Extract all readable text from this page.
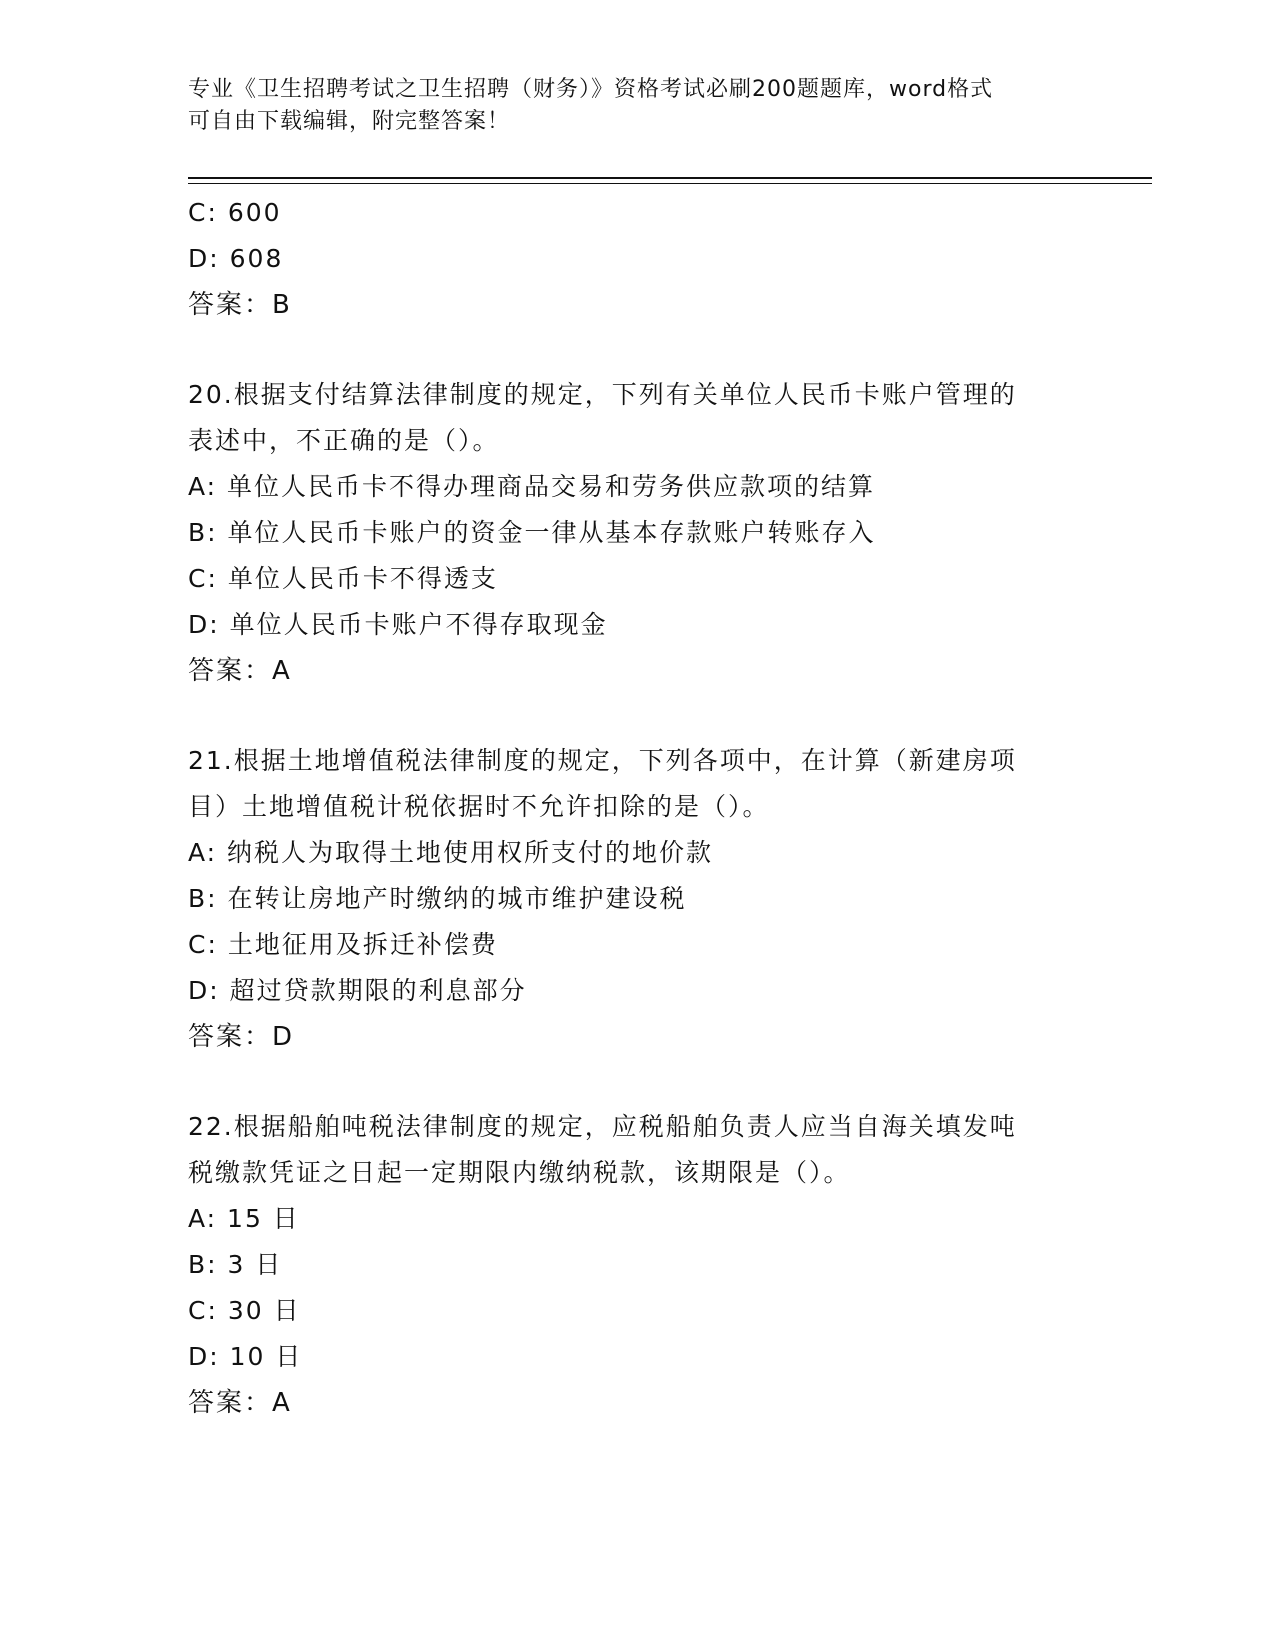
专业《卫生招聘考试之卫生招聘（财务）》资格考试必刷200题题库，word格式
可自由下载编辑，附完整答案！
C: 600
D: 608
答案：B
20.根据支付结算法律制度的规定，下列有关单位人民币卡账户管理的
表述中，不正确的是（）。
A: 单位人民币卡不得办理商品交易和劳务供应款项的结算
B: 单位人民币卡账户的资金一律从基本存款账户转账存入
C: 单位人民币卡不得透支
D: 单位人民币卡账户不得存取现金
答案：A
21.根据土地增值税法律制度的规定，下列各项中，在计算（新建房项
目）土地增值税计税依据时不允许扣除的是（）。
A: 纳税人为取得土地使用权所支付的地价款
B: 在转让房地产时缴纳的城市维护建设税
C: 土地征用及拆迁补偿费
D: 超过贷款期限的利息部分
答案：D
22.根据船舶吨税法律制度的规定，应税船舶负责人应当自海关填发吨
税缴款凭证之日起一定期限内缴纳税款，该期限是（）。
A: 15 日
B: 3 日
C: 30 日
D: 10 日
答案：A
